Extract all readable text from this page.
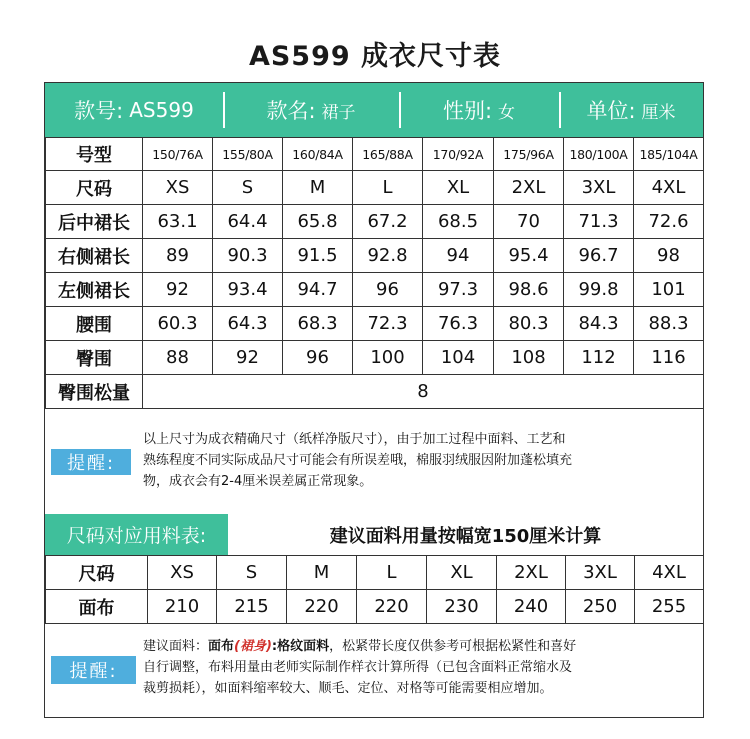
AS599 成衣尺寸表
款号: AS599	款名: 裙子	性别: 女	单位: 厘米
号型	150/76A	155/80A	160/84A	165/88A	170/92A	175/96A	180/100A	185/104A
尺码	XS	S	M	L	XL	2XL	3XL	4XL
后中裙长	63.1	64.4	65.8	67.2	68.5	70	71.3	72.6
右侧裙长	89	90.3	91.5	92.8	94	95.4	96.7	98
左侧裙长	92	93.4	94.7	96	97.3	98.6	99.8	101
腰围	60.3	64.3	68.3	72.3	76.3	80.3	84.3	88.3
臀围	88	92	96	100	104	108	112	116
臀围松量	8							
提醒:
以上尺寸为成衣精确尺寸（纸样净版尺寸），由于加工过程中面料、工艺和
熟练程度不同实际成品尺寸可能会有所误差哦，棉服羽绒服因附加蓬松填充
物，成衣会有2-4厘米误差属正常现象。
尺码对应用料表:	建议面料用量按幅宽150厘米计算
尺码	XS	S	M	L	XL	2XL	3XL	4XL
面布	210	215	220	220	230	240	250	255
提醒:
建议面料：面布(裙身):格纹面料，松紧带长度仅供参考可根据松紧性和喜好
自行调整，布料用量由老师实际制作样衣计算所得（已包含面料正常缩水及
裁剪损耗），如面料缩率较大、顺毛、定位、对格等可能需要相应增加。
